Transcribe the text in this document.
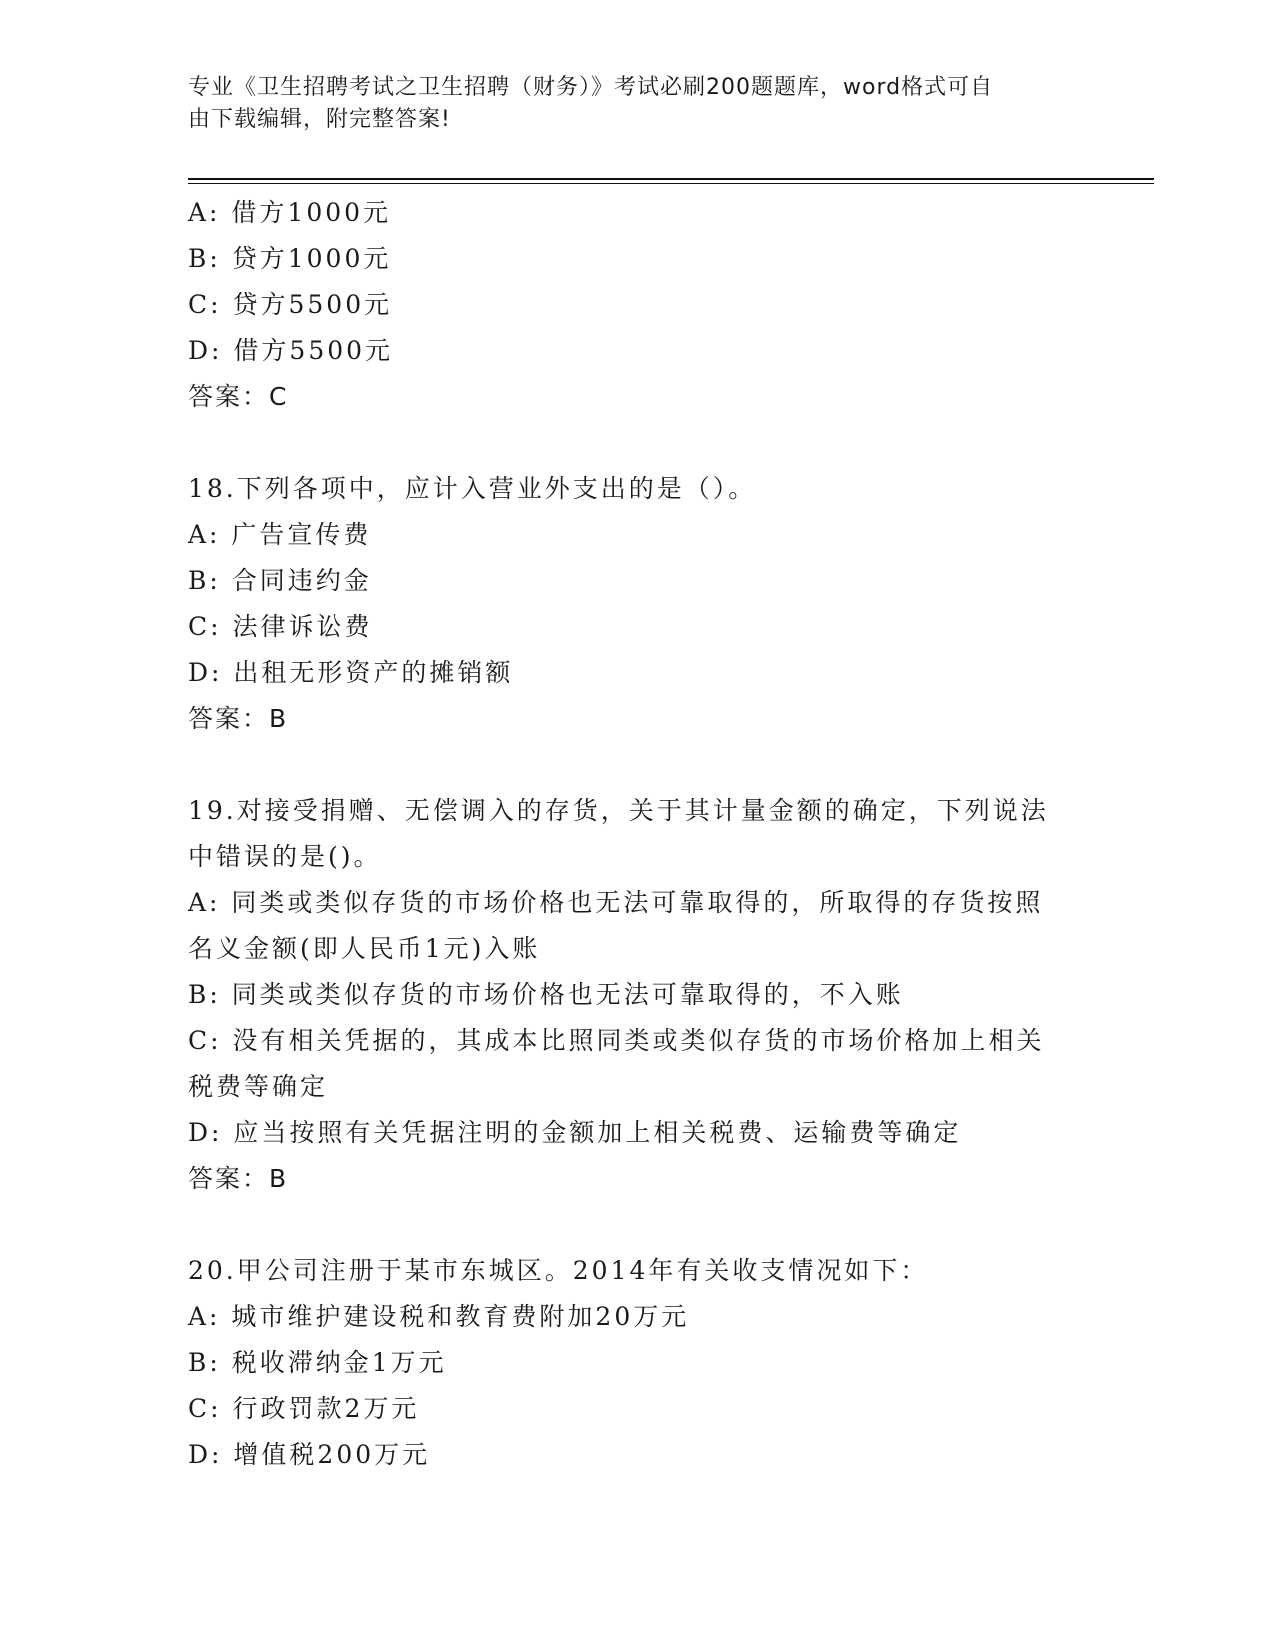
专业《卫生招聘考试之卫生招聘（财务）》考试必刷200题题库，word格式可自
由下载编辑，附完整答案!
A: 借方1000元
B: 贷方1000元
C: 贷方5500元
D: 借方5500元
答案：C
18.下列各项中，应计入营业外支出的是（）。
A: 广告宣传费
B: 合同违约金
C: 法律诉讼费
D: 出租无形资产的摊销额
答案：B
19.对接受捐赠、无偿调入的存货，关于其计量金额的确定，下列说法
中错误的是()。
A: 同类或类似存货的市场价格也无法可靠取得的，所取得的存货按照
名义金额(即人民币1元)入账
B: 同类或类似存货的市场价格也无法可靠取得的，不入账
C: 没有相关凭据的，其成本比照同类或类似存货的市场价格加上相关
税费等确定
D: 应当按照有关凭据注明的金额加上相关税费、运输费等确定
答案：B
20.甲公司注册于某市东城区。2014年有关收支情况如下：
A: 城市维护建设税和教育费附加20万元
B: 税收滞纳金1万元
C: 行政罚款2万元
D: 增值税200万元
